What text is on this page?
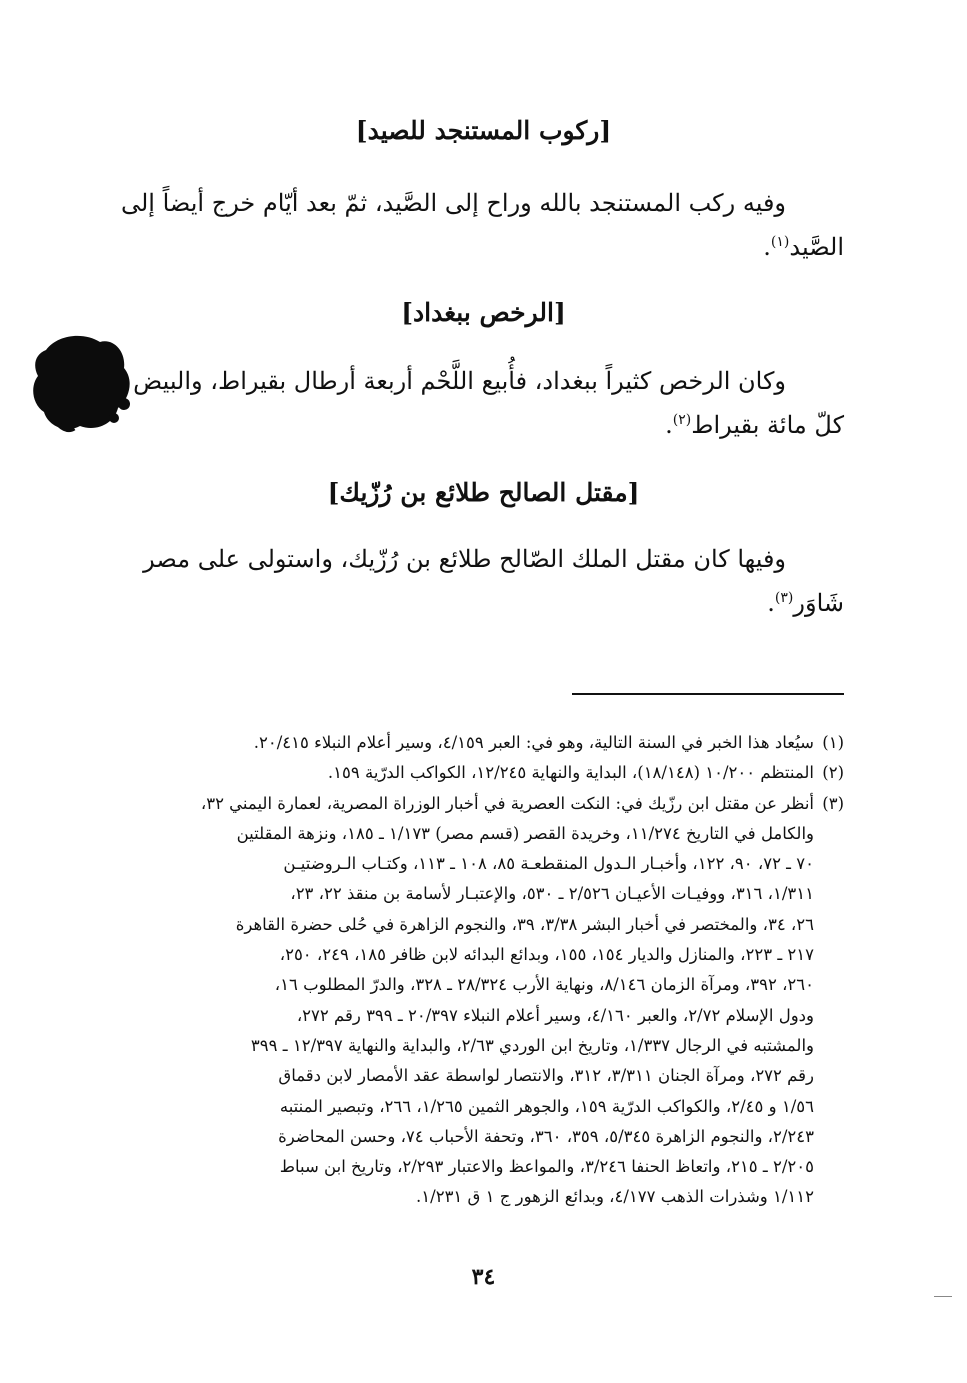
[ركوب المستنجد للصيد]
وفيه ركب المستنجد بالله وراح إلى الصَّيد، ثمّ بعد أيّام خرج أيضاً إلى
الصَّيد$^{(١)}$.
[الرخص ببغداد]
وكان الرخص كثيراً ببغداد، فأُبيع اللَّحْم أربعة أرطال بقيراط، والبيض
كلّ مائة بقيراط$^{(٢)}$.
[مقتل الصالح طلائع بن رُزّيك]
وفيها كان مقتل الملك الصّالح طلائع بن رُزّيك، واستولى على مصر
شَاوَر$^{(٣)}$.
(١)سيُعاد هذا الخبر في السنة التالية، وهو في: العبر ٤/١٥٩، وسير أعلام النبلاء ٢٠/٤١٥.
(٢)المنتظم ١٠/٢٠٠ (١٨/١٤٨)، البداية والنهاية ١٢/٢٤٥، الكواكب الدرّية ١٥٩.
(٣)أنظر عن مقتل ابن رزّيك في: النكت العصرية في أخبار الوزراة المصرية، لعمارة اليمني ٣٢،
والكامل في التاريخ ١١/٢٧٤، وخريدة القصر (قسم مصر) ١/١٧٣ ـ ١٨٥، ونزهة المقلتين
٧٠ ـ ٧٢، ٩٠، ١٢٢، وأخبـار الـدول المنقطعـة ٨٥، ١٠٨ ـ ١١٣، وكتـاب الـروضتيـن
١/٣١١، ٣١٦، ووفيـات الأعيـان ٢/٥٢٦ ـ ٥٣٠، والإعتبـار لأسامة بن منقذ ٢٢، ٢٣،
٢٦، ٣٤، والمختصر في أخبار البشر ٣/٣٨، ٣٩، والنجوم الزاهرة في حُلى حضرة القاهرة
٢١٧ ـ ٢٢٣، والمنازل والديار ١٥٤، ١٥٥، وبدائع البدائه لابن ظافر ١٨٥، ٢٤٩، ٢٥٠،
٢٦٠، ٣٩٢، ومرآة الزمان ٨/١٤٦، ونهاية الأرب ٢٨/٣٢٤ ـ ٣٢٨، والدرّ المطلوب ١٦،
ودول الإسلام ٢/٧٢، والعبر ٤/١٦٠، وسير أعلام النبلاء ٢٠/٣٩٧ ـ ٣٩٩ رقم ٢٧٢،
والمشتبه في الرجال ١/٣٣٧، وتاريخ ابن الوردي ٢/٦٣، والبداية والنهاية ١٢/٣٩٧ ـ ٣٩٩
رقم ٢٧٢، ومرآة الجنان ٣/٣١١، ٣١٢، والانتصار لواسطة عقد الأمصار لابن دقماق
١/٥٦ و ٢/٤٥، والكواكب الدرّية ١٥٩، والجوهر الثمين ١/٢٦٥، ٢٦٦، وتبصير المنتبه
٢/٢٤٣، والنجوم الزاهرة ٥/٣٤٥، ٣٥٩، ٣٦٠، وتحفة الأحباب ٧٤، وحسن المحاضرة
٢/٢٠٥ ـ ٢١٥، واتعاظ الحنفا ٣/٢٤٦، والمواعظ والاعتبار ٢/٢٩٣، وتاريخ ابن سباط
١/١١٢ وشذرات الذهب ٤/١٧٧، وبدائع الزهور ج ١ ق ١/٢٣١.
٣٤
